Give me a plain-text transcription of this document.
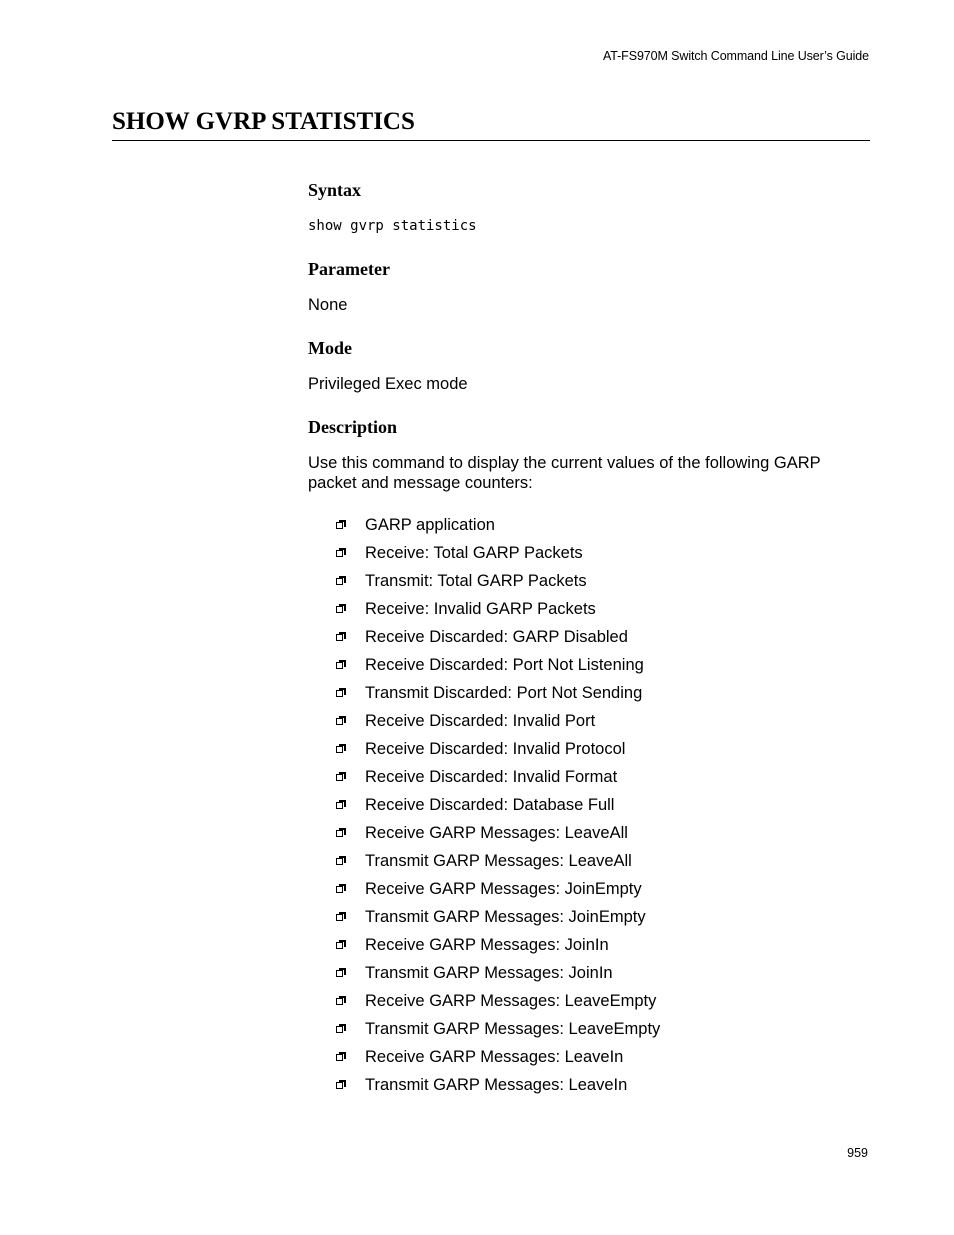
AT-FS970M Switch Command Line User’s Guide
SHOW GVRP STATISTICS
Syntax
show gvrp statistics
Parameter

None

Mode

Privileged Exec mode

Description

Use this command to display the current values of the following GARP packet and message counters:

GARP application
Receive: Total GARP Packets
Transmit: Total GARP Packets
Receive: Invalid GARP Packets
Receive Discarded: GARP Disabled
Receive Discarded: Port Not Listening
Transmit Discarded: Port Not Sending
Receive Discarded: Invalid Port
Receive Discarded: Invalid Protocol
Receive Discarded: Invalid Format
Receive Discarded: Database Full
Receive GARP Messages: LeaveAll
Transmit GARP Messages: LeaveAll
Receive GARP Messages: JoinEmpty
Transmit GARP Messages: JoinEmpty
Receive GARP Messages: JoinIn
Transmit GARP Messages: JoinIn
Receive GARP Messages: LeaveEmpty
Transmit GARP Messages: LeaveEmpty
Receive GARP Messages: LeaveIn
Transmit GARP Messages: LeaveIn
959
